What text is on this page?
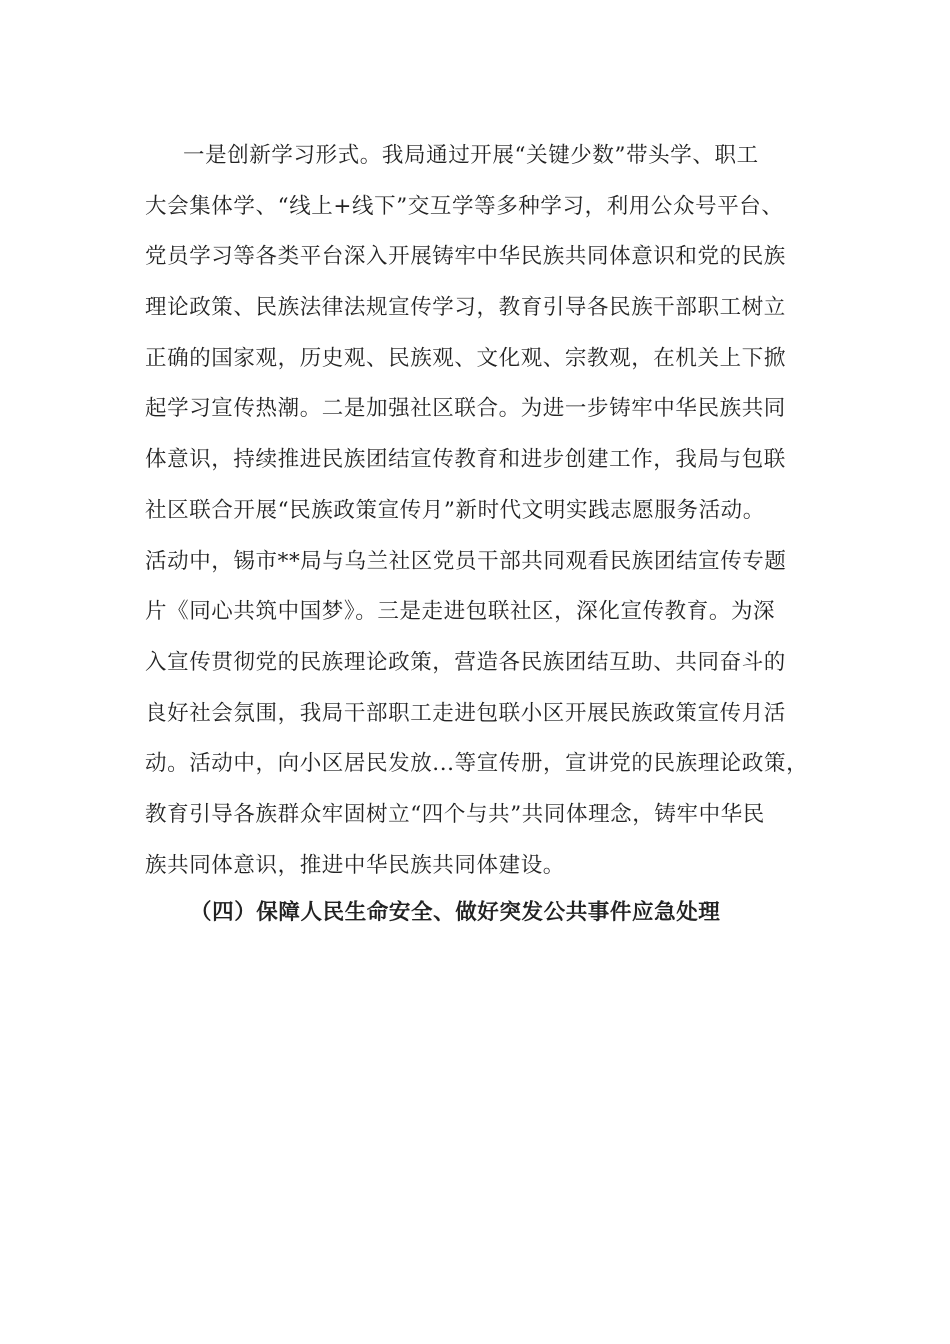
一是创新学习形式。我局通过开展“关键少数”带头学、职工
大会集体学、“线上+线下”交互学等多种学习，利用公众号平台、
党员学习等各类平台深入开展铸牢中华民族共同体意识和党的民族
理论政策、民族法律法规宣传学习，教育引导各民族干部职工树立
正确的国家观，历史观、民族观、文化观、宗教观，在机关上下掀
起学习宣传热潮。二是加强社区联合。为进一步铸牢中华民族共同
体意识，持续推进民族团结宣传教育和进步创建工作，我局与包联
社区联合开展“民族政策宣传月”新时代文明实践志愿服务活动。
活动中，锡市**局与乌兰社区党员干部共同观看民族团结宣传专题
片《同心共筑中国梦》。三是走进包联社区，深化宣传教育。为深
入宣传贯彻党的民族理论政策，营造各民族团结互助、共同奋斗的
良好社会氛围，我局干部职工走进包联小区开展民族政策宣传月活
动。活动中，向小区居民发放...等宣传册，宣讲党的民族理论政策，
教育引导各族群众牢固树立“四个与共”共同体理念，铸牢中华民
族共同体意识，推进中华民族共同体建设。
（四）保障人民生命安全、做好突发公共事件应急处理
